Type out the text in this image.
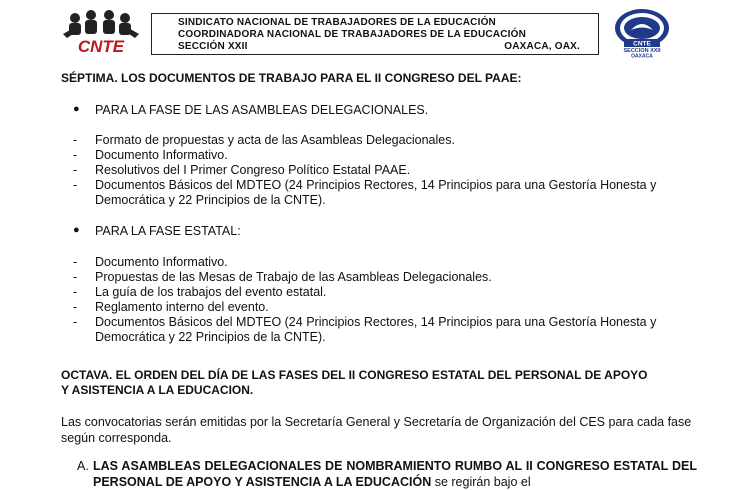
CNTE
SINDICATO NACIONAL DE TRABAJADORES DE LA EDUCACIÓN
COORDINADORA NACIONAL DE TRABAJADORES DE LA EDUCACIÓN
SECCIÓN XXII	OAXACA, OAX.	CNTE
SECCION XXII
OAXACA
SÉPTIMA. LOS DOCUMENTOS DE TRABAJO PARA EL II CONGRESO DEL PAAE:
● PARA LA FASE DE LAS ASAMBLEAS DELEGACIONALES.
- Formato de propuestas y acta de las Asambleas Delegacionales.
- Documento Informativo.
- Resolutivos del I Primer Congreso Político Estatal PAAE.
- Documentos Básicos del MDTEO (24 Principios Rectores, 14 Principios para una Gestoría Honesta y Democrática y 22 Principios de la CNTE).
● PARA LA FASE ESTATAL:
- Documento Informativo.
- Propuestas de las Mesas de Trabajo de las Asambleas Delegacionales.
- La guía de los trabajos del evento estatal.
- Reglamento interno del evento.
- Documentos Básicos del MDTEO (24 Principios Rectores, 14 Principios para una Gestoría Honesta y Democrática y 22 Principios de la CNTE).
OCTAVA. EL ORDEN DEL DÍA DE LAS FASES DEL II CONGRESO ESTATAL DEL PERSONAL DE APOYO
Y ASISTENCIA A LA EDUCACION.
Las convocatorias serán emitidas por la Secretaría General y Secretaría de Organización del CES para cada fase según corresponda.
A. LAS ASAMBLEAS DELEGACIONALES DE NOMBRAMIENTO RUMBO AL II CONGRESO ESTATAL DEL PERSONAL DE APOYO Y ASISTENCIA A LA EDUCACIÓN se regirán bajo el
